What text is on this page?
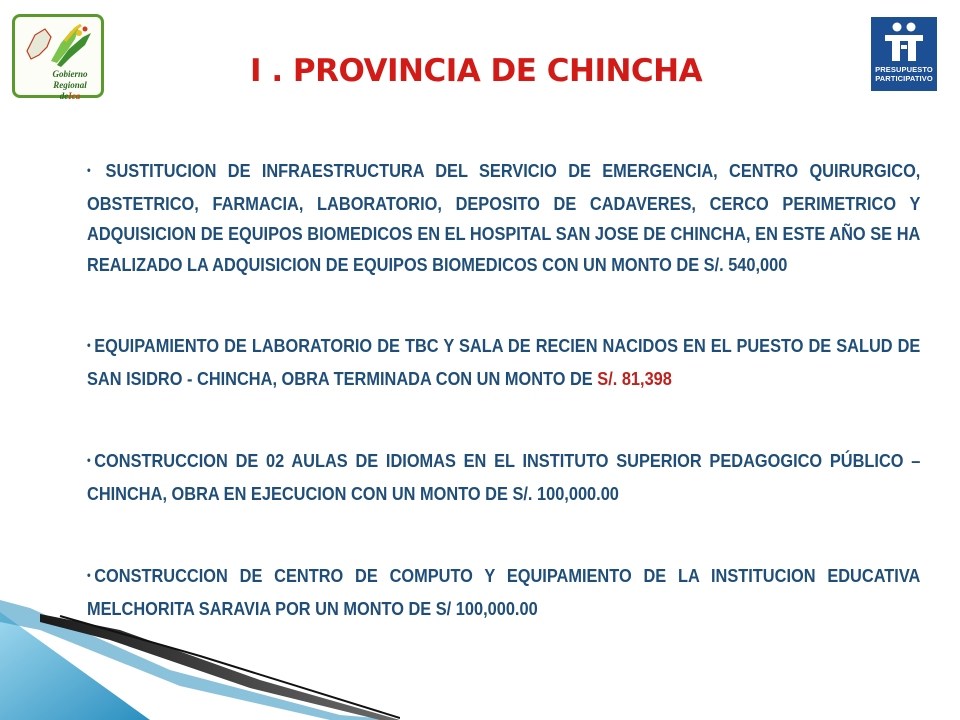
Gobierno Regional
deIca
PRESUPUESTO
PARTICIPATIVO
I . PROVINCIA DE CHINCHA

• SUSTITUCION DE INFRAESTRUCTURA DEL SERVICIO DE EMERGENCIA, CENTRO QUIRURGICO, OBSTETRICO, FARMACIA, LABORATORIO, DEPOSITO DE CADAVERES, CERCO PERIMETRICO Y ADQUISICION DE EQUIPOS BIOMEDICOS EN EL HOSPITAL SAN JOSE DE CHINCHA, EN ESTE AÑO SE HA REALIZADO LA ADQUISICION DE EQUIPOS BIOMEDICOS CON UN MONTO DE S/. 540,000

• EQUIPAMIENTO DE LABORATORIO DE TBC Y SALA DE RECIEN NACIDOS EN EL PUESTO DE SALUD DE SAN ISIDRO - CHINCHA, OBRA TERMINADA CON UN MONTO DE S/. 81,398

• CONSTRUCCION DE 02 AULAS DE IDIOMAS EN EL INSTITUTO SUPERIOR PEDAGOGICO PÚBLICO – CHINCHA, OBRA EN EJECUCION CON UN MONTO DE S/. 100,000.00

• CONSTRUCCION DE CENTRO DE COMPUTO Y EQUIPAMIENTO DE LA INSTITUCION EDUCATIVA MELCHORITA SARAVIA POR UN MONTO DE S/ 100,000.00
